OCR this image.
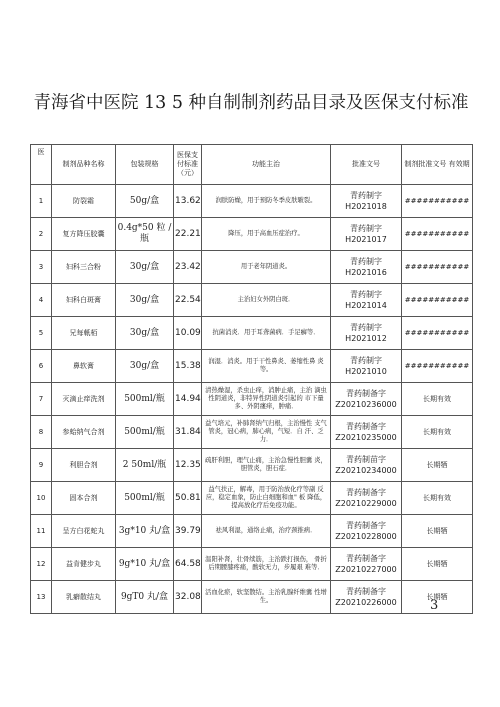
青海省中医院 13 5 种自制制剂药品目录及医保支付标准
医	制剂品种名称	包装规格	医保支付标准（元）	功能主治	批准文号	制剂批准文号 有效期
1	防裂霜	50g/盒	13.62	润肤防燥，用于预防冬季皮肤皲裂。	青药制字
H2021018	###########
2	复方降压胶囊	0.4g*50 粒 /瓶	22.21	降压，用于高血压症治疗。	青药制字
H2021017	###########
3	妇科三合粉	30g/盒	23.42	用于老年阴道炎。	青药制字
H2021016	###########
4	妇科白斑膏	30g/盒	22.54	主治妇女外阴白斑．	青药制字
H2021014	###########
5	兄每軝栢	30g/盒	10.09	抗菌消炎．用于耳聋菌病．手足癣等．	青药制字
H2021012	###########
6	鼻软膏	30g/盒	15.38	润湿．消炎。用于干性鼻炎、萎缩性鼻 炎等。	青药制字
H2021010	###########
7	灭滴止痒洗剂	500ml/瓶	14.94	清热燥湿，杀虫止痒，消肿止痛，主治 滴虫性阴道炎，非特异性阴道炎引起的 市下量多、外阴瘙痒，肿痛．	青药制备字
Z20210236000	长期有效
8	参蛤纳气合剂	500ml/瓶	31.84	益气培元，补肺肾纳气归根，主治慢性 支气管炎，冠心病，肺心病，气短．自 汗、乏力．	青药制备字
Z20210235000	长期有效
9	利胆合剂	2 50ml/瓶	12.35	疏肝利胆，理气止痛，主治急慢性胆囊 炎，胆管炎，胆石症．	青药制苗字
Z20210234000	长期牺
10	固本合剂	500ml/瓶	50.81	益气扶正，解毒，用于防治放化疗等副 反应，稳定血象，防止白细胞和血" 板 降低，提高放化疗后免疫功能。	青药制备字
Z20210229000	长期有效
11	呈方白花蛇丸	3g*10 丸/盒	39.79	祛风利湿，通络止痛，治疗颈推病．	青药制备字
Z20210228000	长期牺
12	益肯健步丸	9g*10 丸/盒	64.58	温阳补肾，壮骨续筋，主治跌打损伤， 骨折后期腰膝疼痛，酸软无力，步履艰 难等．	青药制备字
Z20210227000	长期牺
13	乳癖散结丸	9gT0 丸/盒	32.08	活血化瘀，软坚散结。主治乳腺纤维囊 性增生。	青药制备字
Z20210226000	长期牺
3
